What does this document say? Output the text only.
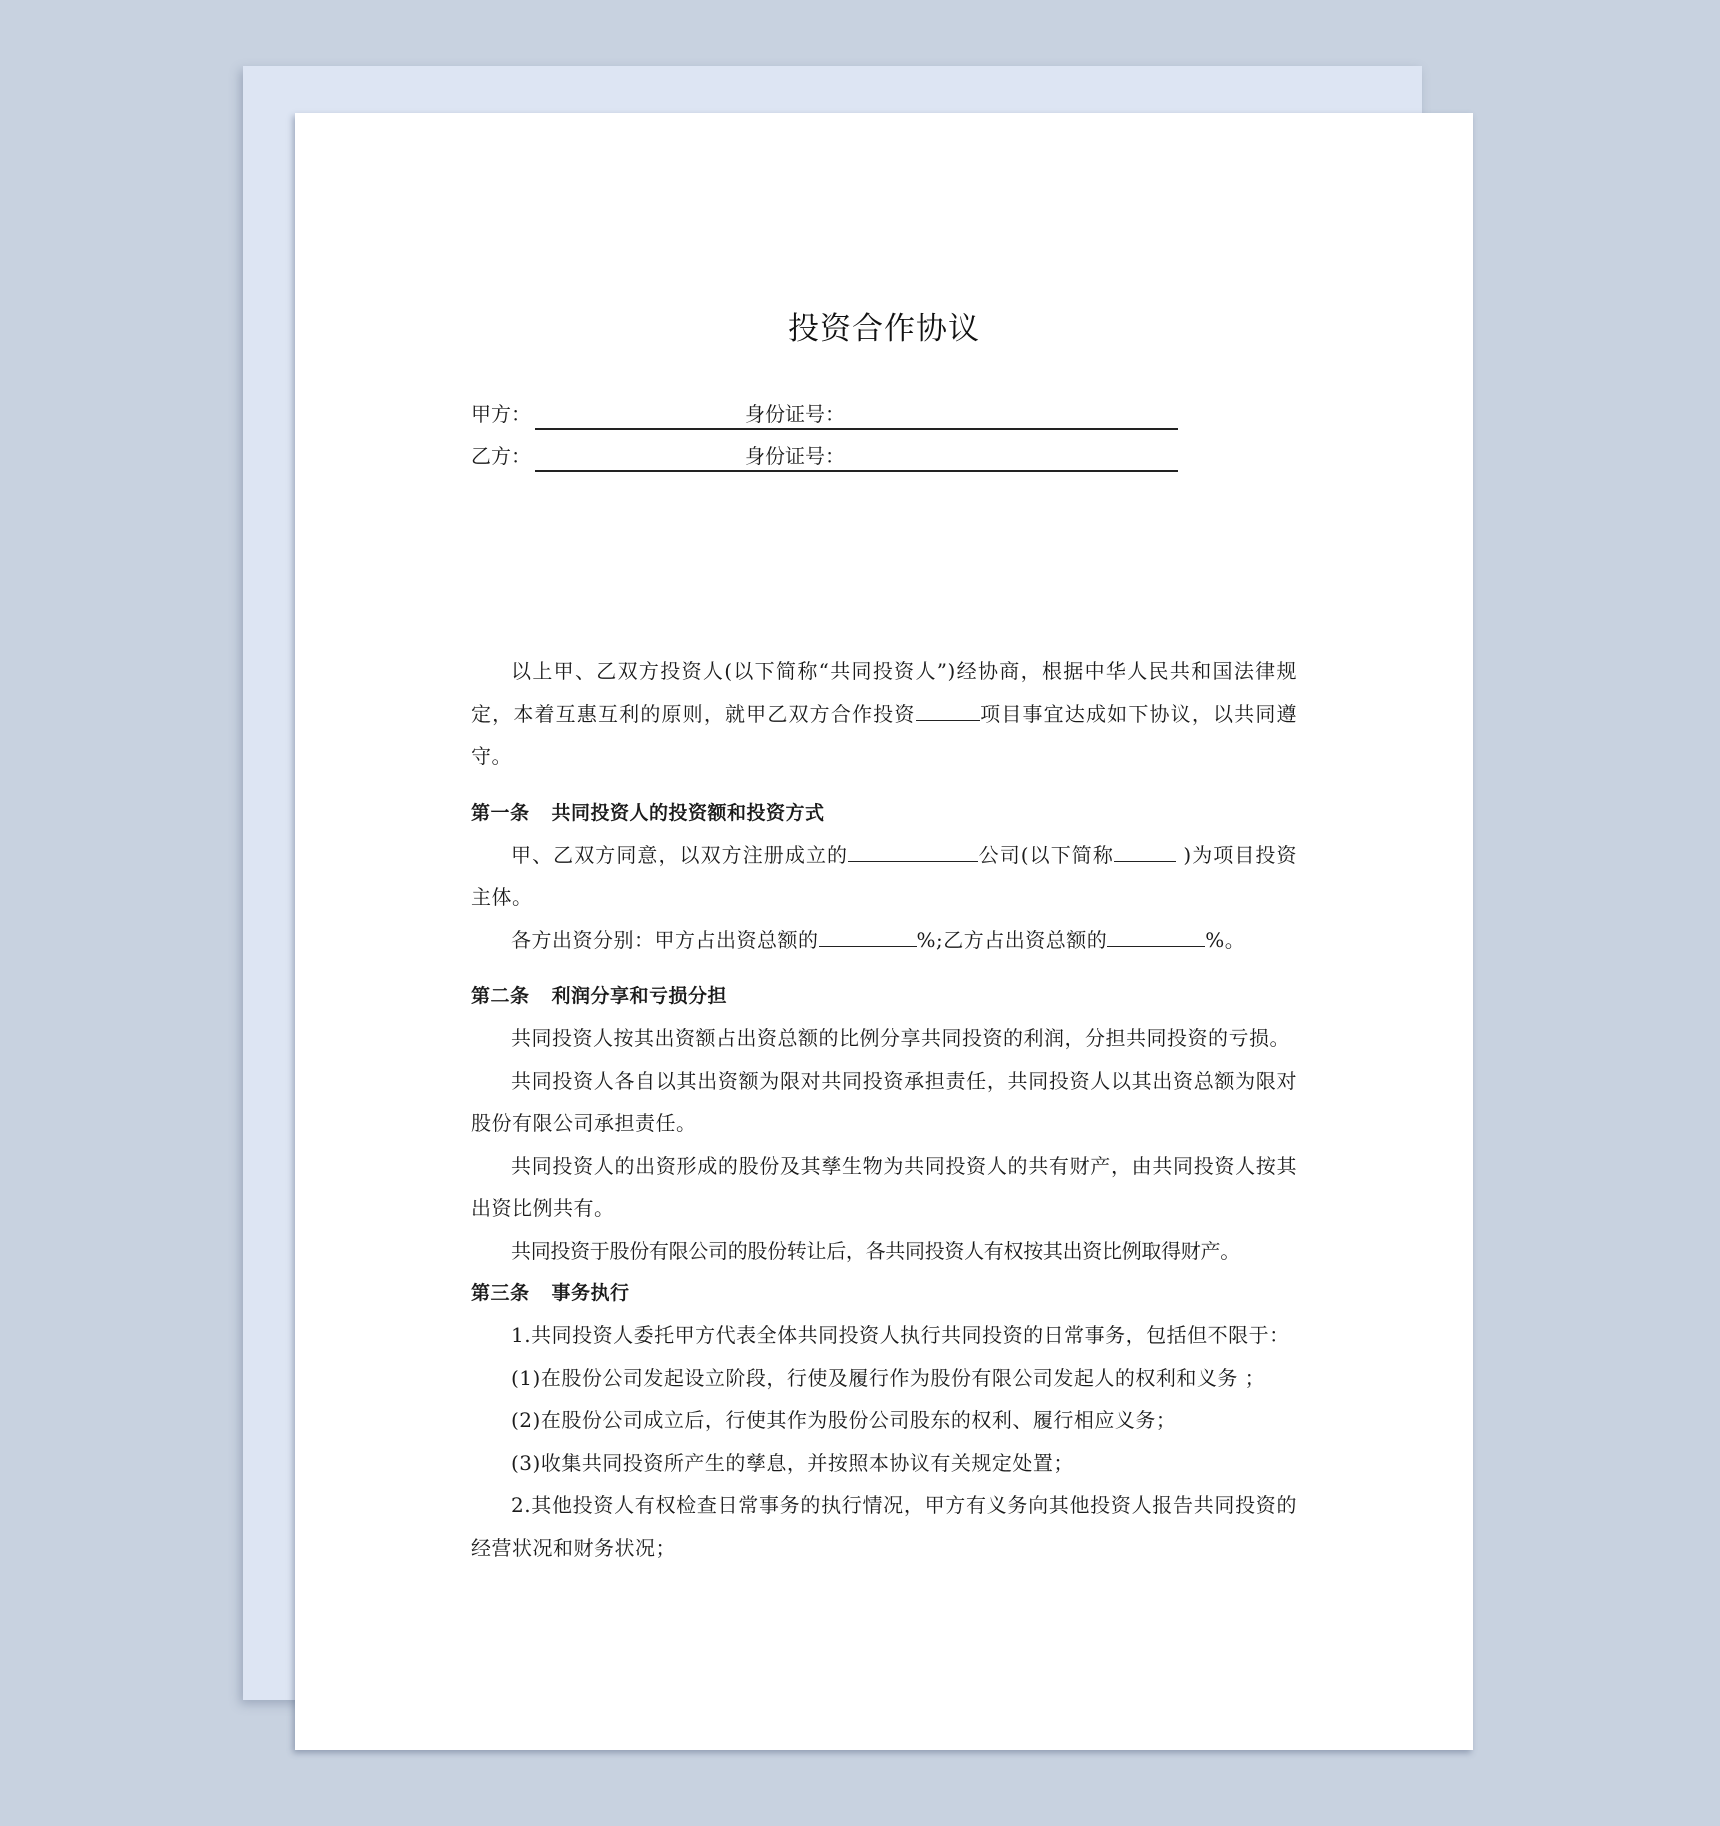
投资合作协议
甲方：	身份证号：
乙方：	身份证号：

以上甲、乙双方投资人(以下简称“共同投资人”)经协商，根据中华人民共和国法律规定，本着互惠互利的原则，就甲乙双方合作投资	项目事宜达成如下协议，以共同遵守。

第一条 共同投资人的投资额和投资方式

甲、乙双方同意，以双方注册成立的	公司(以下简称	)为项目投资主体。

各方出资分别：甲方占出资总额的	%;乙方占出资总额的	%。

第二条 利润分享和亏损分担

共同投资人按其出资额占出资总额的比例分享共同投资的利润，分担共同投资的亏损。

共同投资人各自以其出资额为限对共同投资承担责任，共同投资人以其出资总额为限对股份有限公司承担责任。

共同投资人的出资形成的股份及其孳生物为共同投资人的共有财产，由共同投资人按其出资比例共有。

共同投资于股份有限公司的股份转让后，各共同投资人有权按其出资比例取得财产。

第三条 事务执行

1.共同投资人委托甲方代表全体共同投资人执行共同投资的日常事务，包括但不限于：

(1)在股份公司发起设立阶段，行使及履行作为股份有限公司发起人的权利和义务 ；

(2)在股份公司成立后，行使其作为股份公司股东的权利、履行相应义务；

(3)收集共同投资所产生的孳息，并按照本协议有关规定处置；

2.其他投资人有权检查日常事务的执行情况，甲方有义务向其他投资人报告共同投资的经营状况和财务状况；
